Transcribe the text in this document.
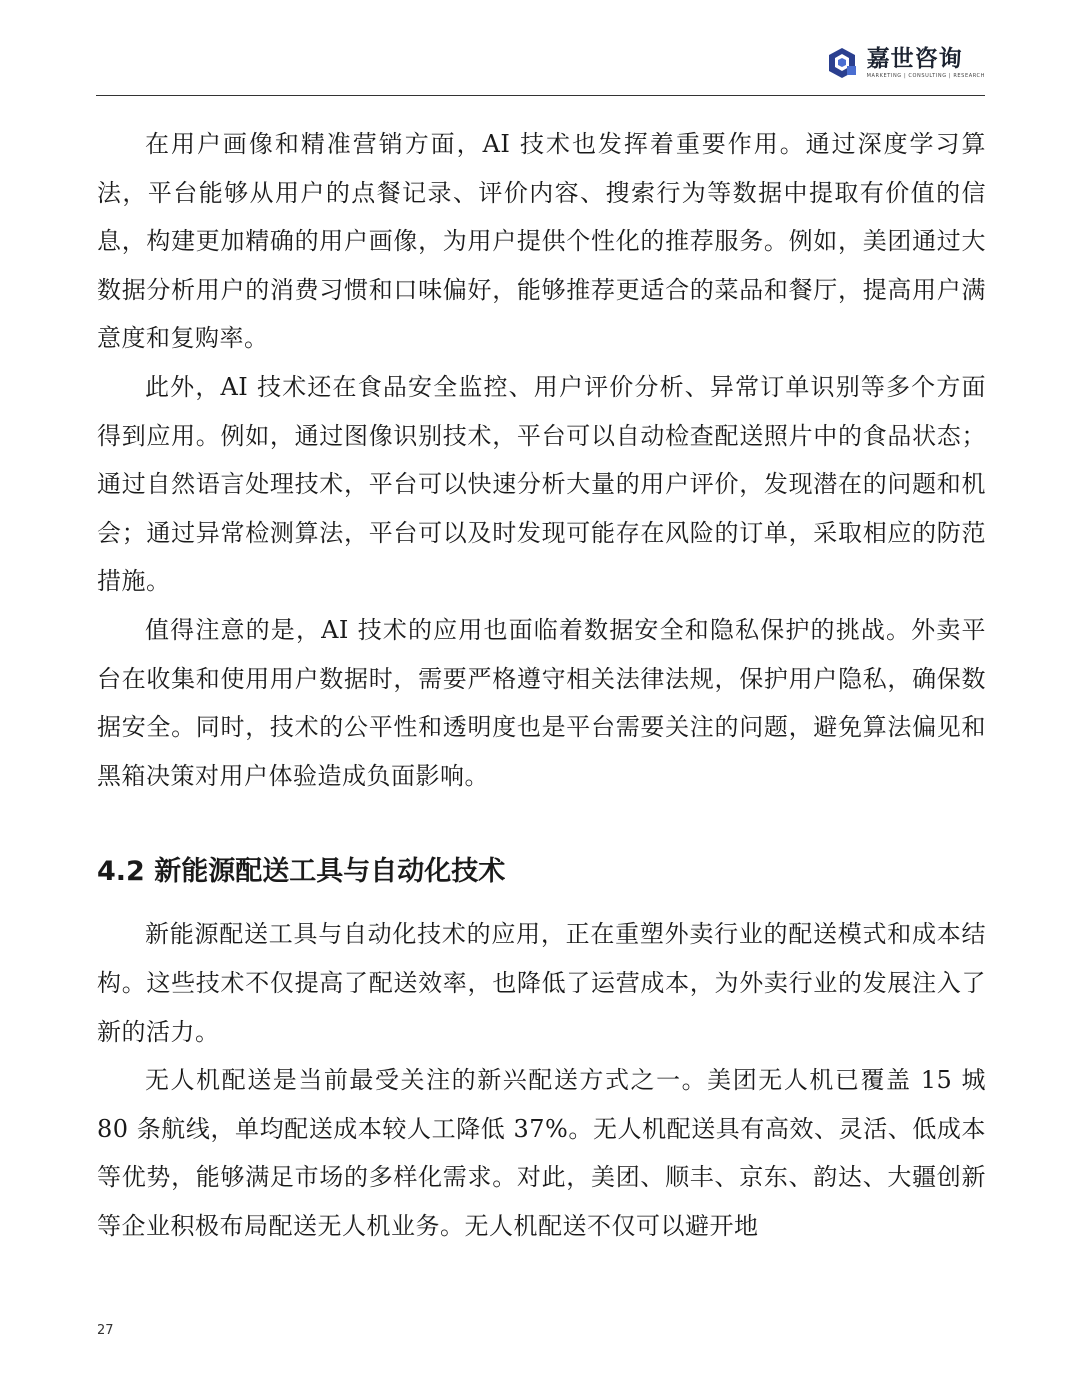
嘉世咨询
MARKETING | CONSULTING | RESEARCH

在用户画像和精准营销方面，AI 技术也发挥着重要作用。通过深度学习算法，平台能够从用户的点餐记录、评价内容、搜索行为等数据中提取有价值的信息，构建更加精确的用户画像，为用户提供个性化的推荐服务。例如，美团通过大数据分析用户的消费习惯和口味偏好，能够推荐更适合的菜品和餐厅，提高用户满意度和复购率。

此外，AI 技术还在食品安全监控、用户评价分析、异常订单识别等多个方面得到应用。例如，通过图像识别技术，平台可以自动检查配送照片中的食品状态；通过自然语言处理技术，平台可以快速分析大量的用户评价，发现潜在的问题和机会；通过异常检测算法，平台可以及时发现可能存在风险的订单，采取相应的防范措施。

值得注意的是，AI 技术的应用也面临着数据安全和隐私保护的挑战。外卖平台在收集和使用用户数据时，需要严格遵守相关法律法规，保护用户隐私，确保数据安全。同时，技术的公平性和透明度也是平台需要关注的问题，避免算法偏见和黑箱决策对用户体验造成负面影响。

4.2 新能源配送工具与自动化技术

新能源配送工具与自动化技术的应用，正在重塑外卖行业的配送模式和成本结构。这些技术不仅提高了配送效率，也降低了运营成本，为外卖行业的发展注入了新的活力。

无人机配送是当前最受关注的新兴配送方式之一。美团无人机已覆盖 15 城 80 条航线，单均配送成本较人工降低 37%。无人机配送具有高效、灵活、低成本等优势，能够满足市场的多样化需求。对此，美团、顺丰、京东、韵达、大疆创新等企业积极布局配送无人机业务。无人机配送不仅可以避开地

27
